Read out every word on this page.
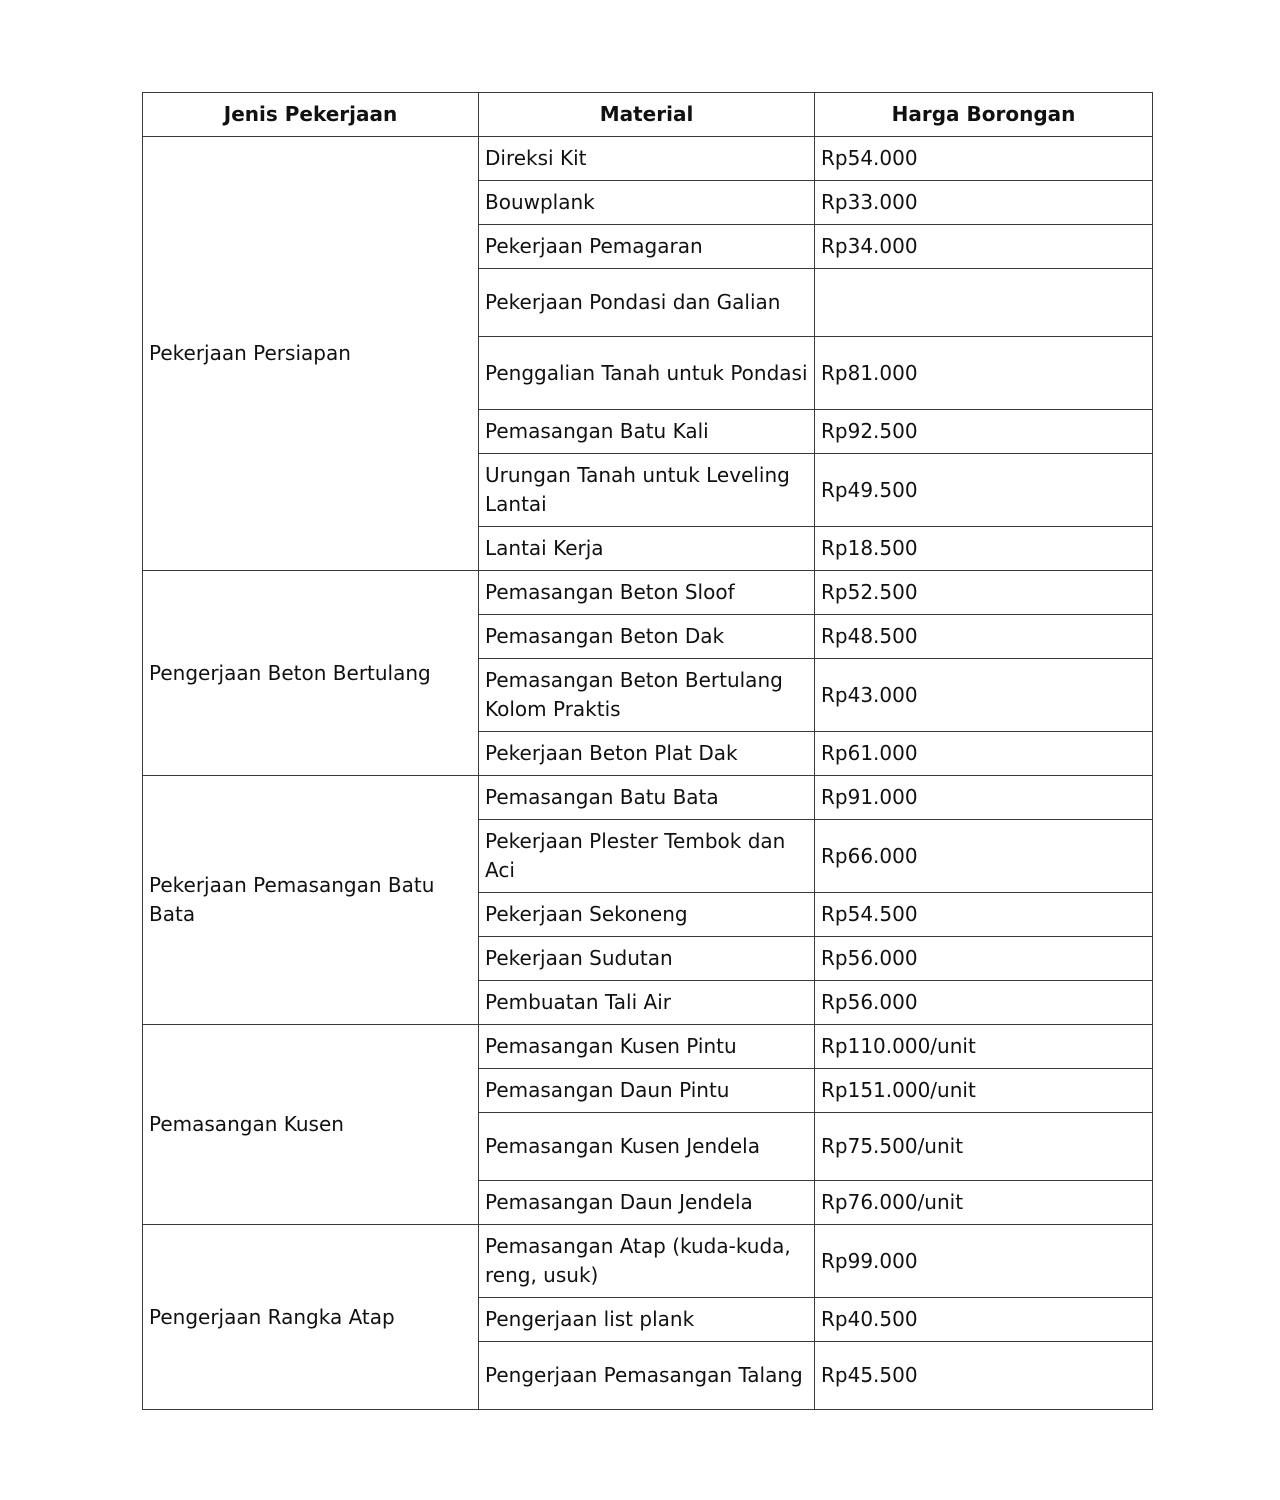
Jenis Pekerjaan	Material	Harga Borongan
Pekerjaan Persiapan	Direksi Kit	Rp54.000
	Bouwplank	Rp33.000
	Pekerjaan Pemagaran	Rp34.000
	Pekerjaan Pondasi dan Galian	
	Penggalian Tanah untuk Pondasi	Rp81.000
	Pemasangan Batu Kali	Rp92.500
	Urungan Tanah untuk Leveling Lantai	Rp49.500
	Lantai Kerja	Rp18.500
Pengerjaan Beton Bertulang	Pemasangan Beton Sloof	Rp52.500
	Pemasangan Beton Dak	Rp48.500
	Pemasangan Beton Bertulang Kolom Praktis	Rp43.000
	Pekerjaan Beton Plat Dak	Rp61.000
Pekerjaan Pemasangan Batu Bata	Pemasangan Batu Bata	Rp91.000
	Pekerjaan Plester Tembok dan Aci	Rp66.000
	Pekerjaan Sekoneng	Rp54.500
	Pekerjaan Sudutan	Rp56.000
	Pembuatan Tali Air	Rp56.000
Pemasangan Kusen	Pemasangan Kusen Pintu	Rp110.000/unit
	Pemasangan Daun Pintu	Rp151.000/unit
	Pemasangan Kusen Jendela	Rp75.500/unit
	Pemasangan Daun Jendela	Rp76.000/unit
Pengerjaan Rangka Atap	Pemasangan Atap (kuda-kuda, reng, usuk)	Rp99.000
	Pengerjaan list plank	Rp40.500
	Pengerjaan Pemasangan Talang	Rp45.500
